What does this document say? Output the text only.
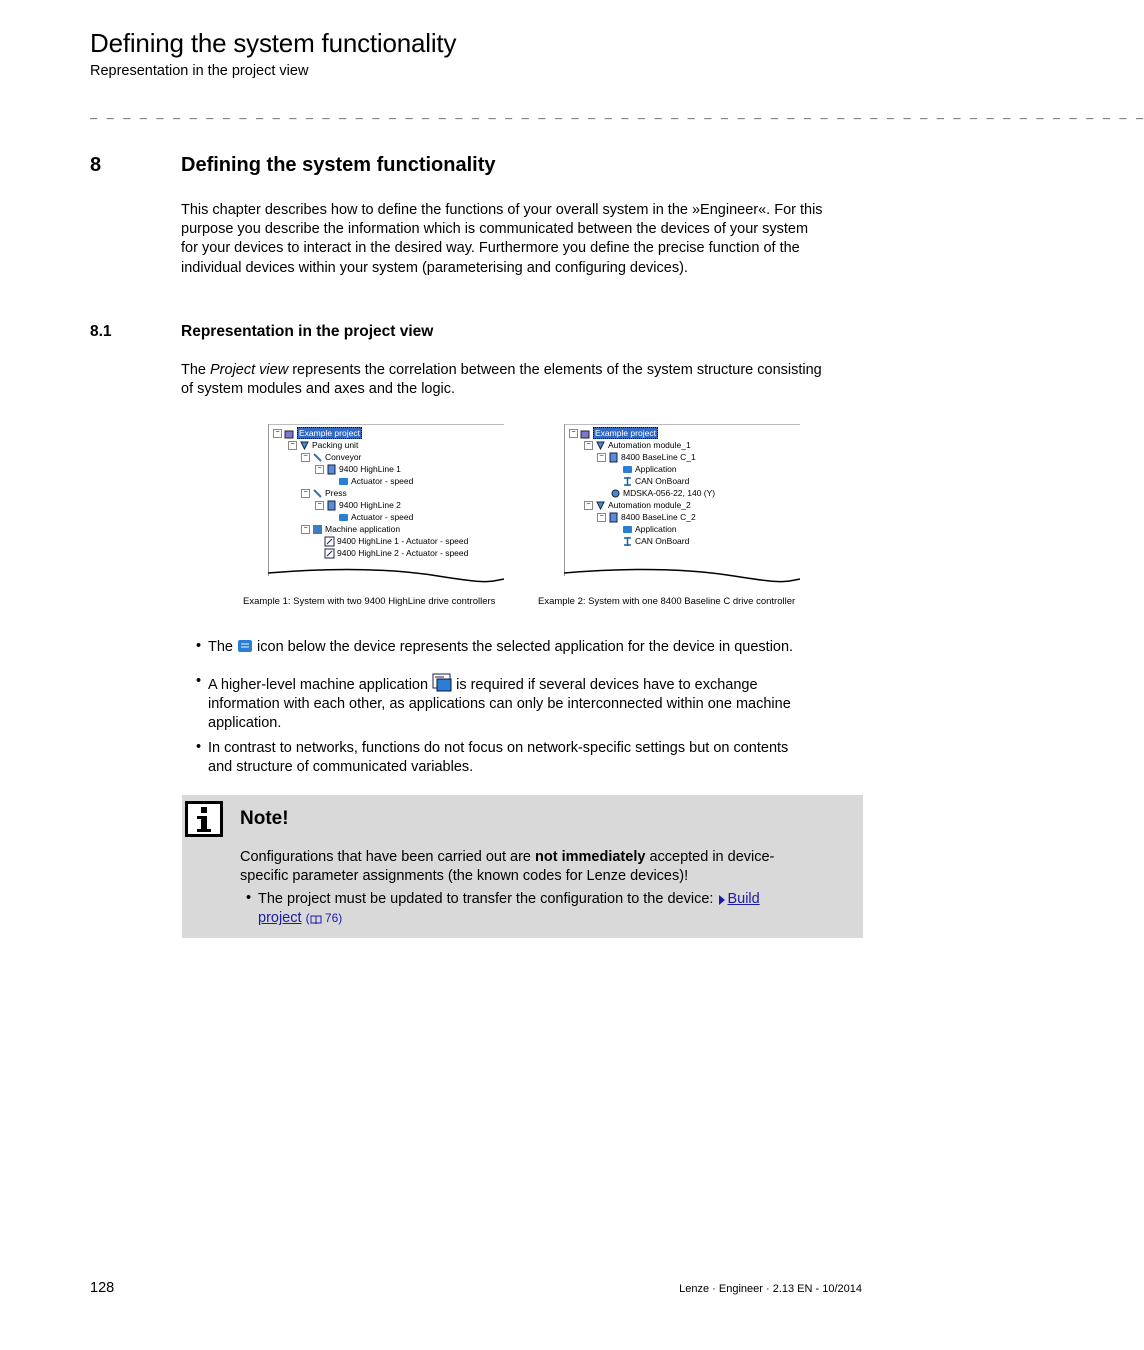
Defining the system functionality
Representation in the project view
_ _ _ _ _ _ _ _ _ _ _ _ _ _ _ _ _ _ _ _ _ _ _ _ _ _ _ _ _ _ _ _ _ _ _ _ _ _ _ _ _ _ _ _ _ _ _ _ _ _ _ _ _ _ _ _ _ _ _ _ _ _ _ _
8	Defining the system functionality
This chapter describes how to define the functions of your overall system in the »Engineer«. For this
purpose you describe the information which is communicated between the devices of your system
for your devices to interact in the desired way. Furthermore you define the precise function of the
individual devices within your system (parameterising and configuring devices).
8.1	Representation in the project view
The Project view represents the correlation between the elements of the system structure consisting
of system modules and axes and the logic.
− Example project
− Packing unit
− Conveyor
− 9400 HighLine 1
Actuator - speed
− Press
− 9400 HighLine 2
Actuator - speed
− Machine application
9400 HighLine 1 - Actuator - speed
9400 HighLine 2 - Actuator - speed
− Example project
− Automation module_1
− 8400 BaseLine C_1
Application
CAN OnBoard
MDSKA-056-22, 140 (Y)
− Automation module_2
− 8400 BaseLine C_2
Application
CAN OnBoard
Example 1: System with two 9400 HighLine drive controllers	Example 2: System with one 8400 Baseline C drive controller
• The  icon below the device represents the selected application for the device in question.
• A higher-level machine application  is required if several devices have to exchange
information with each other, as applications can only be interconnected within one machine
application.
• In contrast to networks, functions do not focus on network-specific settings but on contents
and structure of communicated variables.
Note!
Configurations that have been carried out are not immediately accepted in device-
specific parameter assignments (the known codes for Lenze devices)!
• The project must be updated to transfer the configuration to the device: Build
project ( 76)
128	Lenze · Engineer · 2.13 EN - 10/2014
